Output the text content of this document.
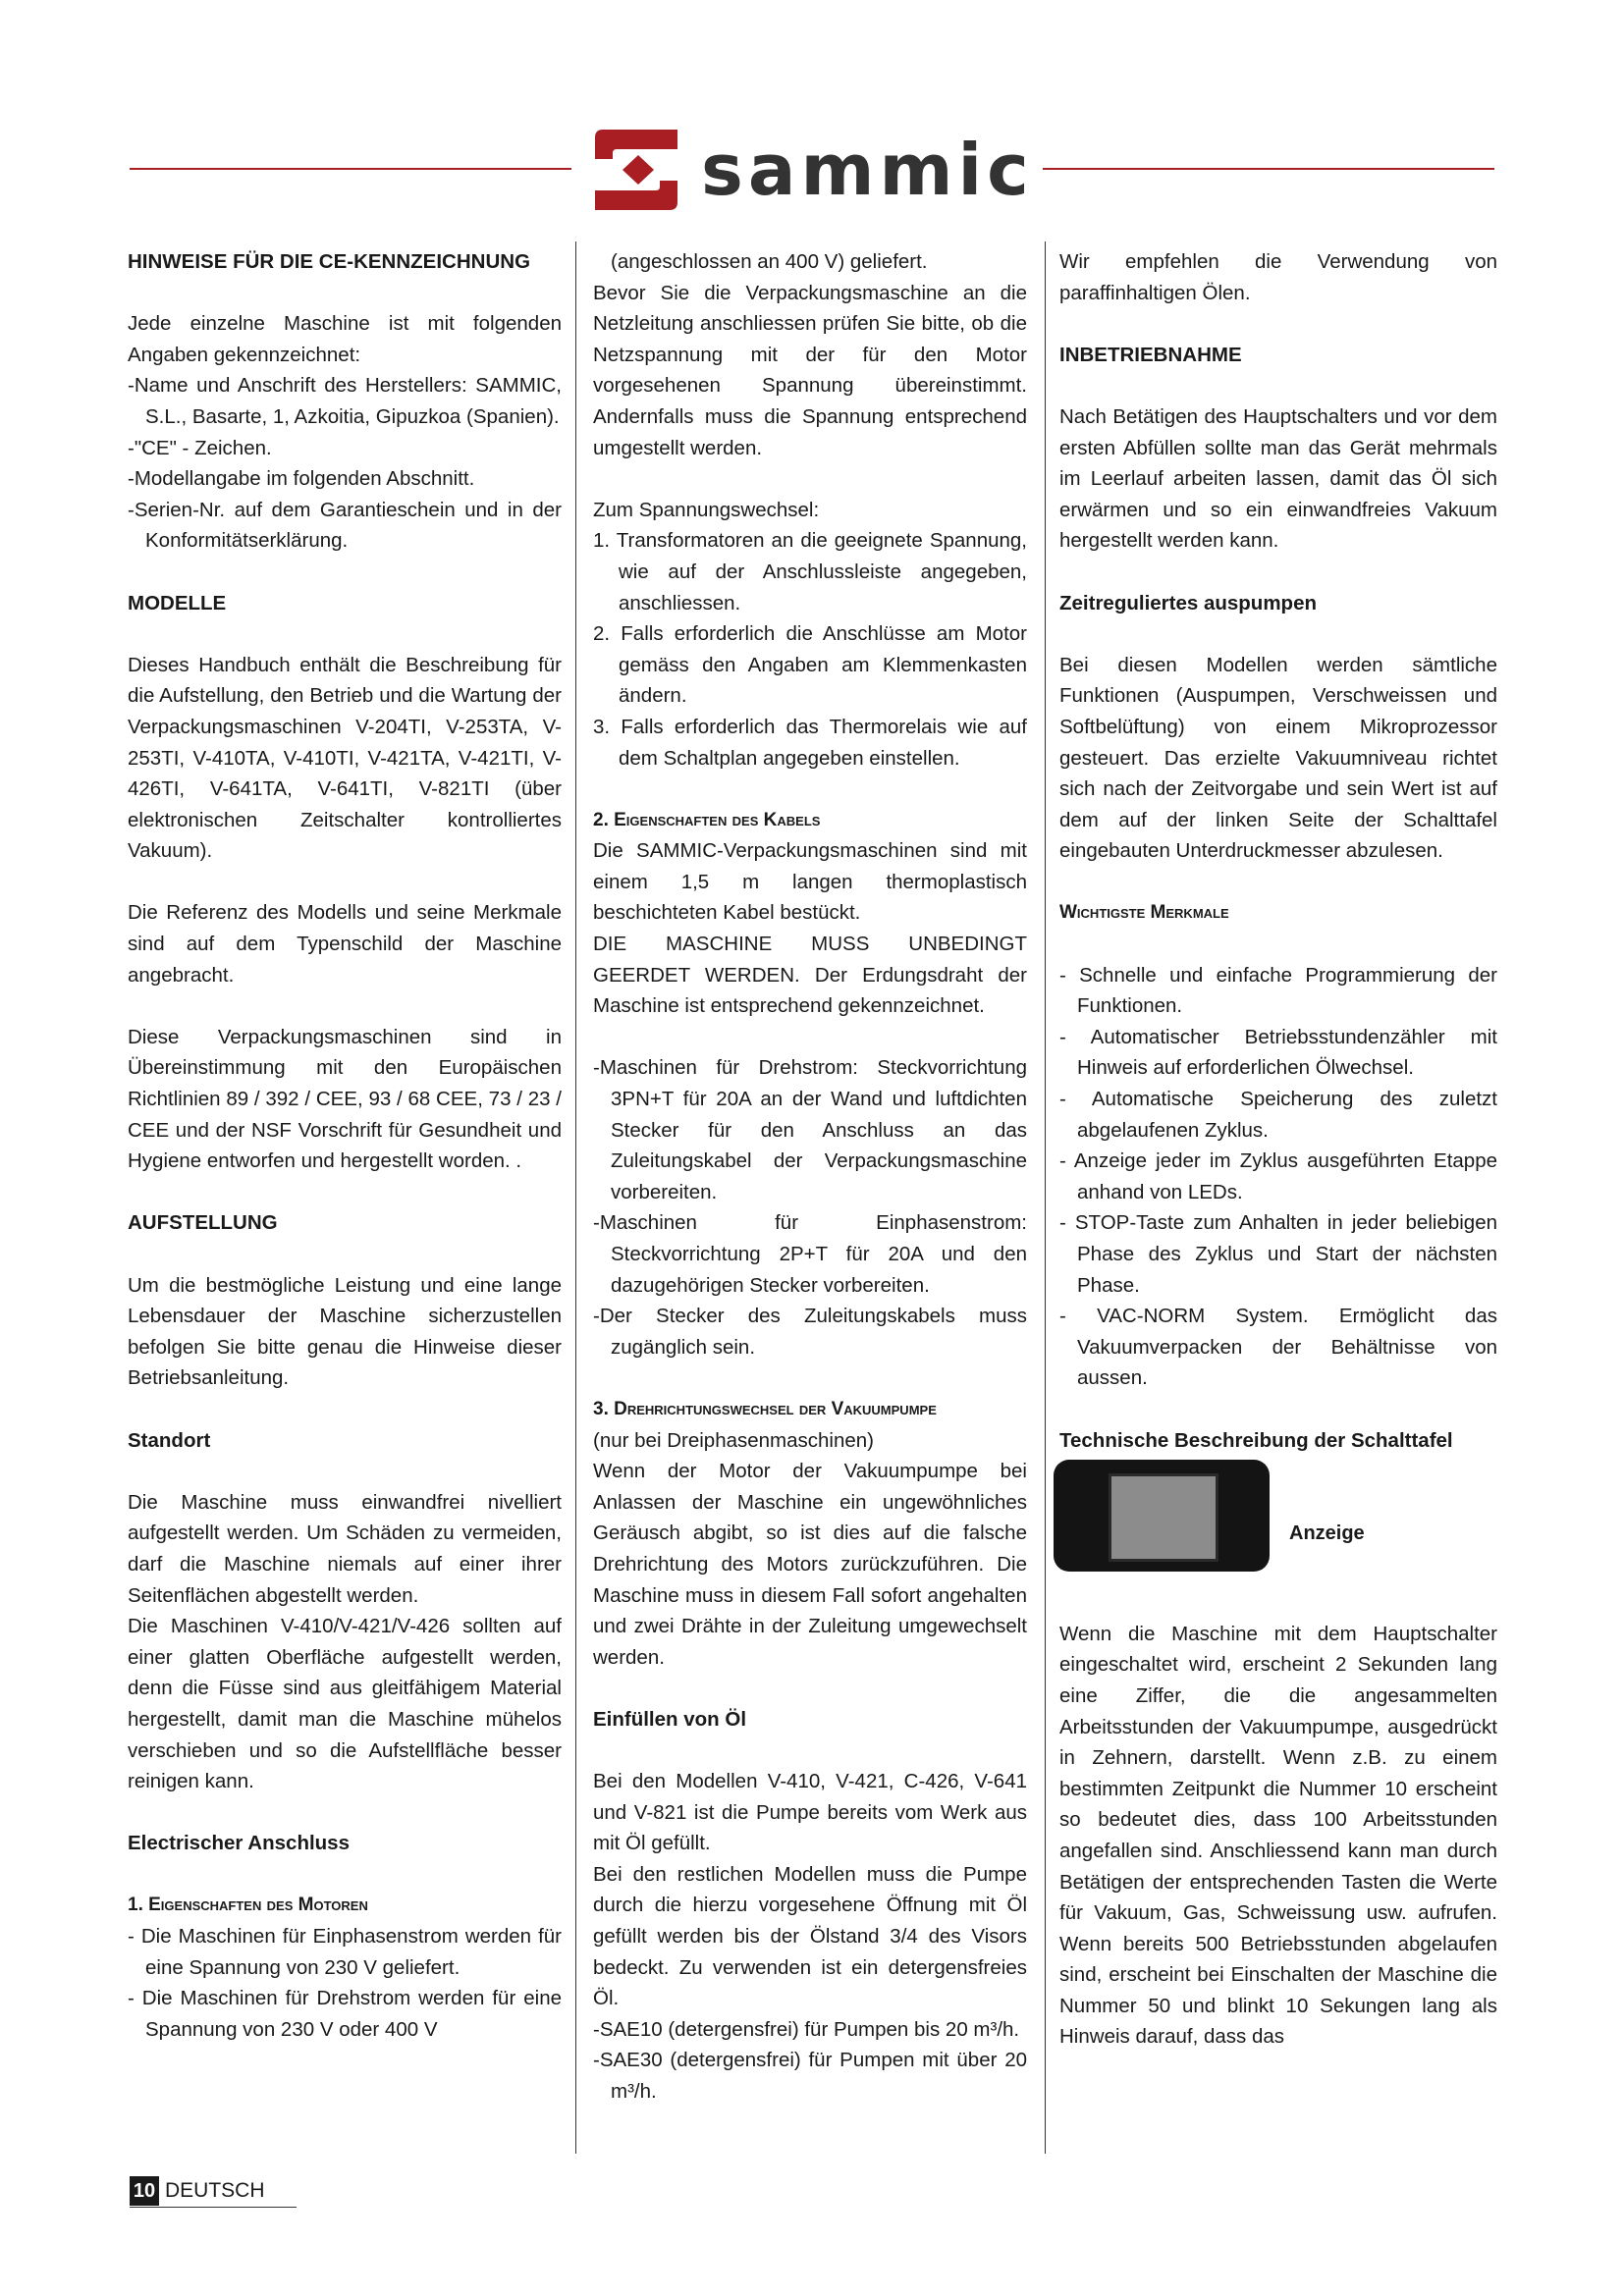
sammic
HINWEISE FÜR DIE CE-KENNZEICHNUNG

Jede einzelne Maschine ist mit folgenden Angaben gekennzeichnet:

-Name und Anschrift des Herstellers: SAMMIC, S.L., Basarte, 1, Azkoitia, Gipuzkoa (Spanien).
-"CE" - Zeichen.
-Modellangabe im folgenden Abschnitt.
-Serien-Nr. auf dem Garantieschein und in der Konformitätserklärung.
MODELLE

Dieses Handbuch enthält die Beschreibung für die Aufstellung, den Betrieb und die Wartung der Verpackungsmaschinen V-204TI, V-253TA, V-253TI, V-410TA, V-410TI, V-421TA, V-421TI, V-426TI, V-641TA, V-641TI, V-821TI (über elektronischen Zeitschalter kontrolliertes Vakuum).

Die Referenz des Modells und seine Merkmale sind auf dem Typenschild der Maschine angebracht.

Diese Verpackungsmaschinen sind in Übereinstimmung mit den Europäischen Richtlinien 89 / 392 / CEE, 93 / 68 CEE, 73 / 23 / CEE und der NSF Vorschrift für Gesundheit und Hygiene entworfen und hergestellt worden. .

AUFSTELLUNG

Um die bestmögliche Leistung und eine lange Lebensdauer der Maschine sicherzustellen befolgen Sie bitte genau die Hinweise dieser Betriebsanleitung.

Standort

Die Maschine muss einwandfrei nivelliert aufgestellt werden. Um Schäden zu vermeiden, darf die Maschine niemals auf einer ihrer Seitenflächen abgestellt werden.

Die Maschinen V-410/V-421/V-426 sollten auf einer glatten Oberfläche aufgestellt werden, denn die Füsse sind aus gleitfähigem Material hergestellt, damit man die Maschine mühelos verschieben und so die Aufstellfläche besser reinigen kann.

Electrischer Anschluss
1. Eigenschaften des Motoren
- Die Maschinen für Einphasenstrom werden für eine Spannung von 230 V geliefert.
- Die Maschinen für Drehstrom werden für eine Spannung von 230 V oder 400 V

(angeschlossen an 400 V) geliefert.

Bevor Sie die Verpackungsmaschine an die Netzleitung anschliessen prüfen Sie bitte, ob die Netzspannung mit der für den Motor vorgesehenen Spannung übereinstimmt. Andernfalls muss die Spannung entsprechend umgestellt werden.

Zum Spannungswechsel:

1. Transformatoren an die geeignete Spannung, wie auf der Anschlussleiste angegeben, anschliessen.
2. Falls erforderlich die Anschlüsse am Motor gemäss den Angaben am Klemmenkasten ändern.
3. Falls erforderlich das Thermorelais wie auf dem Schaltplan angegeben einstellen.
2. Eigenschaften des Kabels

Die SAMMIC-Verpackungsmaschinen sind mit einem 1,5 m langen thermoplastisch beschichteten Kabel bestückt.

DIE MASCHINE MUSS UNBEDINGT GEERDET WERDEN. Der Erdungsdraht der Maschine ist entsprechend gekennzeichnet.

-Maschinen für Drehstrom: Steckvorrichtung 3PN+T für 20A an der Wand und luftdichten Stecker für den Anschluss an das Zuleitungskabel der Verpackungsmaschine vorbereiten.
-Maschinen für Einphasenstrom: Steckvorrichtung 2P+T für 20A und den dazugehörigen Stecker vorbereiten.
-Der Stecker des Zuleitungskabels muss zugänglich sein.
3. Drehrichtungswechsel der Vakuumpumpe

(nur bei Dreiphasenmaschinen)

Wenn der Motor der Vakuumpumpe bei Anlassen der Maschine ein ungewöhnliches Geräusch abgibt, so ist dies auf die falsche Drehrichtung des Motors zurückzuführen. Die Maschine muss in diesem Fall sofort angehalten und zwei Drähte in der Zuleitung umgewechselt werden.

Einfüllen von Öl

Bei den Modellen V-410, V-421, C-426, V-641 und V-821 ist die Pumpe bereits vom Werk aus mit Öl gefüllt.

Bei den restlichen Modellen muss die Pumpe durch die hierzu vorgesehene Öffnung mit Öl gefüllt werden bis der Ölstand 3/4 des Visors bedeckt. Zu verwenden ist ein detergensfreies Öl.

-SAE10 (detergensfrei) für Pumpen bis 20 m³/h.
-SAE30 (detergensfrei) für Pumpen mit über 20 m³/h.

Wir empfehlen die Verwendung von paraffinhaltigen Ölen.

INBETRIEBNAHME

Nach Betätigen des Hauptschalters und vor dem ersten Abfüllen sollte man das Gerät mehrmals im Leerlauf arbeiten lassen, damit das Öl sich erwärmen und so ein einwandfreies Vakuum hergestellt werden kann.

Zeitreguliertes auspumpen

Bei diesen Modellen werden sämtliche Funktionen (Auspumpen, Verschweissen und Softbelüftung) von einem Mikroprozessor gesteuert. Das erzielte Vakuumniveau richtet sich nach der Zeitvorgabe und sein Wert ist auf dem auf der linken Seite der Schalttafel eingebauten Unterdruckmesser abzulesen.

Wichtigste Merkmale
- Schnelle und einfache Programmierung der Funktionen.
- Automatischer Betriebsstundenzähler mit Hinweis auf erforderlichen Ölwechsel.
- Automatische Speicherung des zuletzt abgelaufenen Zyklus.
- Anzeige jeder im Zyklus ausgeführten Etappe anhand von LEDs.
- STOP-Taste zum Anhalten in jeder beliebigen Phase des Zyklus und Start der nächsten Phase.
- VAC-NORM System. Ermöglicht das Vakuumverpacken der Behältnisse von aussen.
Technische Beschreibung der Schalttafel
Anzeige

Wenn die Maschine mit dem Hauptschalter eingeschaltet wird, erscheint 2 Sekunden lang eine Ziffer, die die angesammelten Arbeitsstunden der Vakuumpumpe, ausgedrückt in Zehnern, darstellt. Wenn z.B. zu einem bestimmten Zeitpunkt die Nummer 10 erscheint so bedeutet dies, dass 100 Arbeitsstunden angefallen sind. Anschliessend kann man durch Betätigen der entsprechenden Tasten die Werte für Vakuum, Gas, Schweissung usw. aufrufen. Wenn bereits 500 Betriebsstunden abgelaufen sind, erscheint bei Einschalten der Maschine die Nummer 50 und blinkt 10 Sekungen lang als Hinweis darauf, dass das

10 DEUTSCH
